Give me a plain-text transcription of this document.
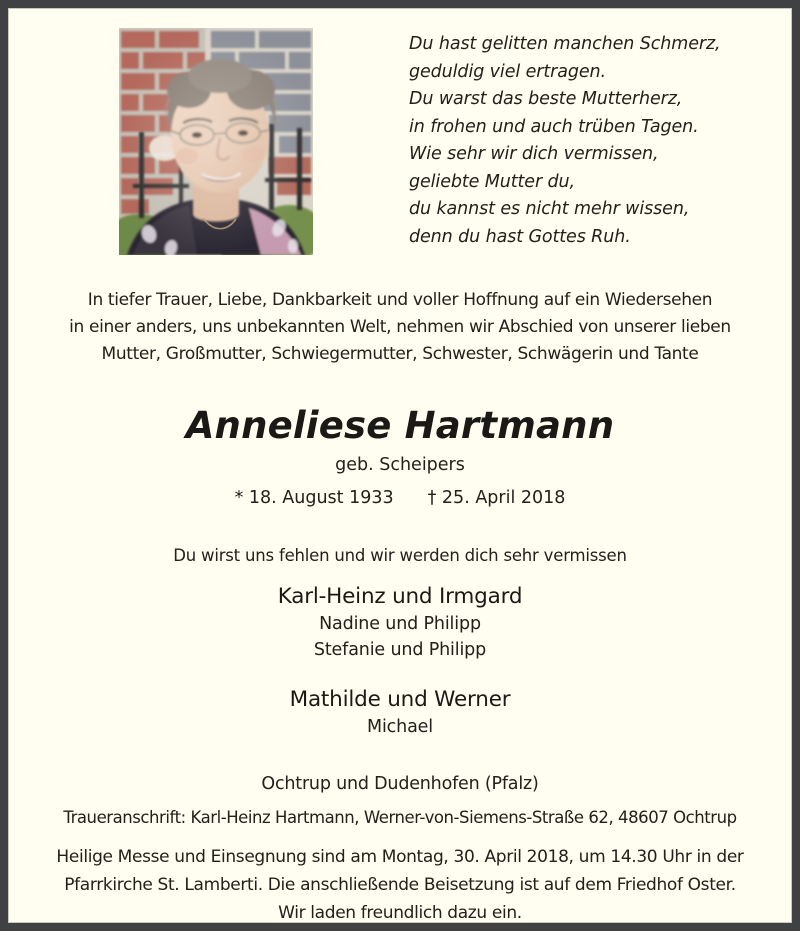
Du hast gelitten manchen Schmerz,
geduldig viel ertragen.
Du warst das beste Mutterherz,
in frohen und auch trüben Tagen.
Wie sehr wir dich vermissen,
geliebte Mutter du,
du kannst es nicht mehr wissen,
denn du hast Gottes Ruh.
In tiefer Trauer, Liebe, Dankbarkeit und voller Hoffnung auf ein Wiedersehen
in einer anders, uns unbekannten Welt, nehmen wir Abschied von unserer lieben
Mutter, Großmutter, Schwiegermutter, Schwester, Schwägerin und Tante
Anneliese Hartmann
geb. Scheipers
* 18. August 1933 † 25. April 2018
Du wirst uns fehlen und wir werden dich sehr vermissen
Karl-Heinz und Irmgard
Nadine und Philipp
Stefanie und Philipp
Mathilde und Werner
Michael
Ochtrup und Dudenhofen (Pfalz)
Traueranschrift: Karl-Heinz Hartmann, Werner-von-Siemens-Straße 62, 48607 Ochtrup
Heilige Messe und Einsegnung sind am Montag, 30. April 2018, um 14.30 Uhr in der
Pfarrkirche St. Lamberti. Die anschließende Beisetzung ist auf dem Friedhof Oster.
Wir laden freundlich dazu ein.
